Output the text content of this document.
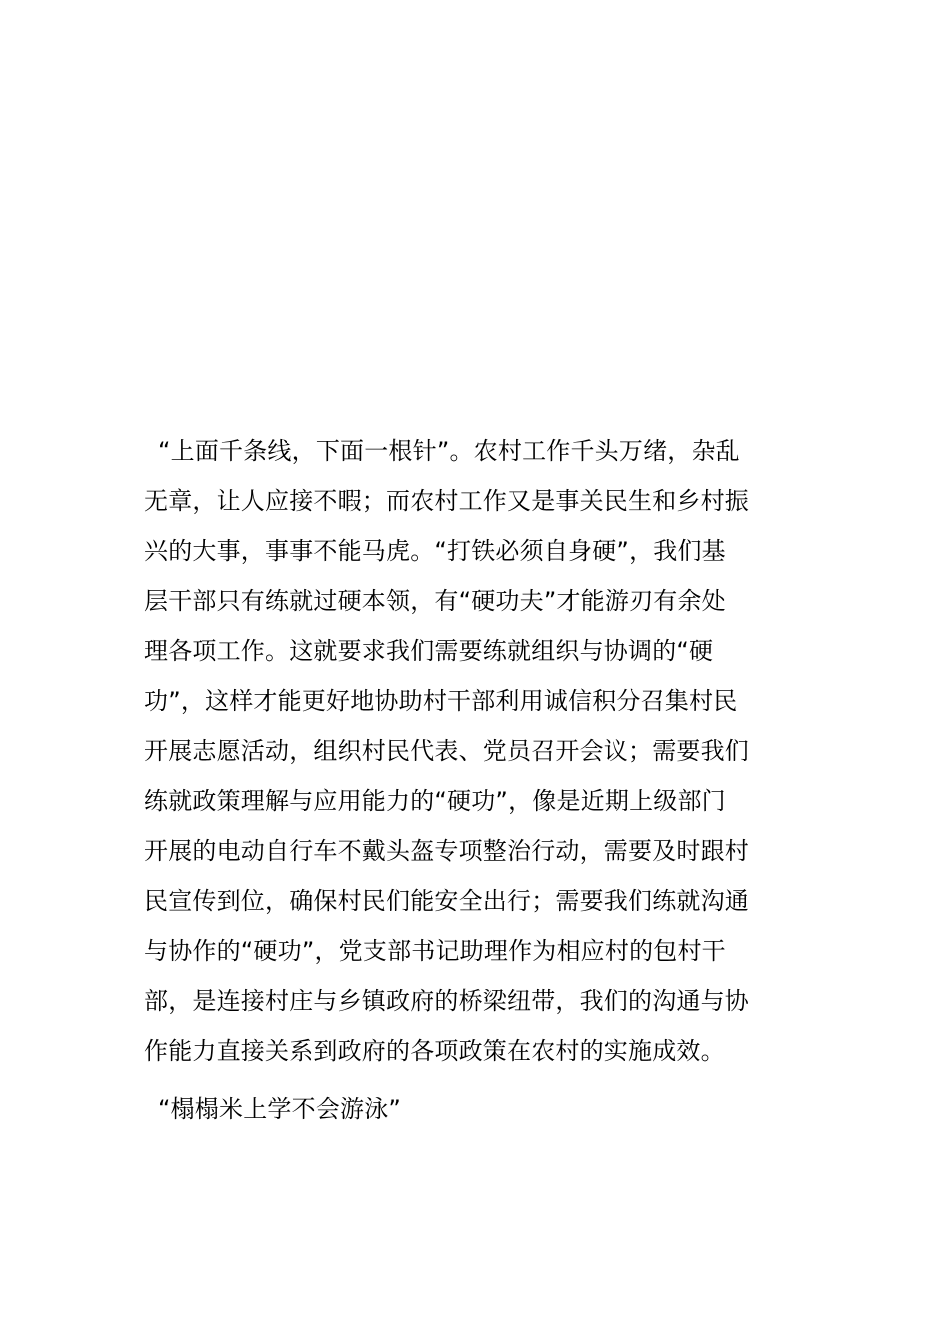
“上面千条线，下面一根针”。农村工作千头万绪，杂乱
无章，让人应接不暇；而农村工作又是事关民生和乡村振
兴的大事，事事不能马虎。“打铁必须自身硬”，我们基
层干部只有练就过硬本领，有“硬功夫”才能游刃有余处
理各项工作。这就要求我们需要练就组织与协调的“硬
功”，这样才能更好地协助村干部利用诚信积分召集村民
开展志愿活动，组织村民代表、党员召开会议；需要我们
练就政策理解与应用能力的“硬功”，像是近期上级部门
开展的电动自行车不戴头盔专项整治行动，需要及时跟村
民宣传到位，确保村民们能安全出行；需要我们练就沟通
与协作的“硬功”，党支部书记助理作为相应村的包村干
部，是连接村庄与乡镇政府的桥梁纽带，我们的沟通与协
作能力直接关系到政府的各项政策在农村的实施成效。
“榻榻米上学不会游泳”
